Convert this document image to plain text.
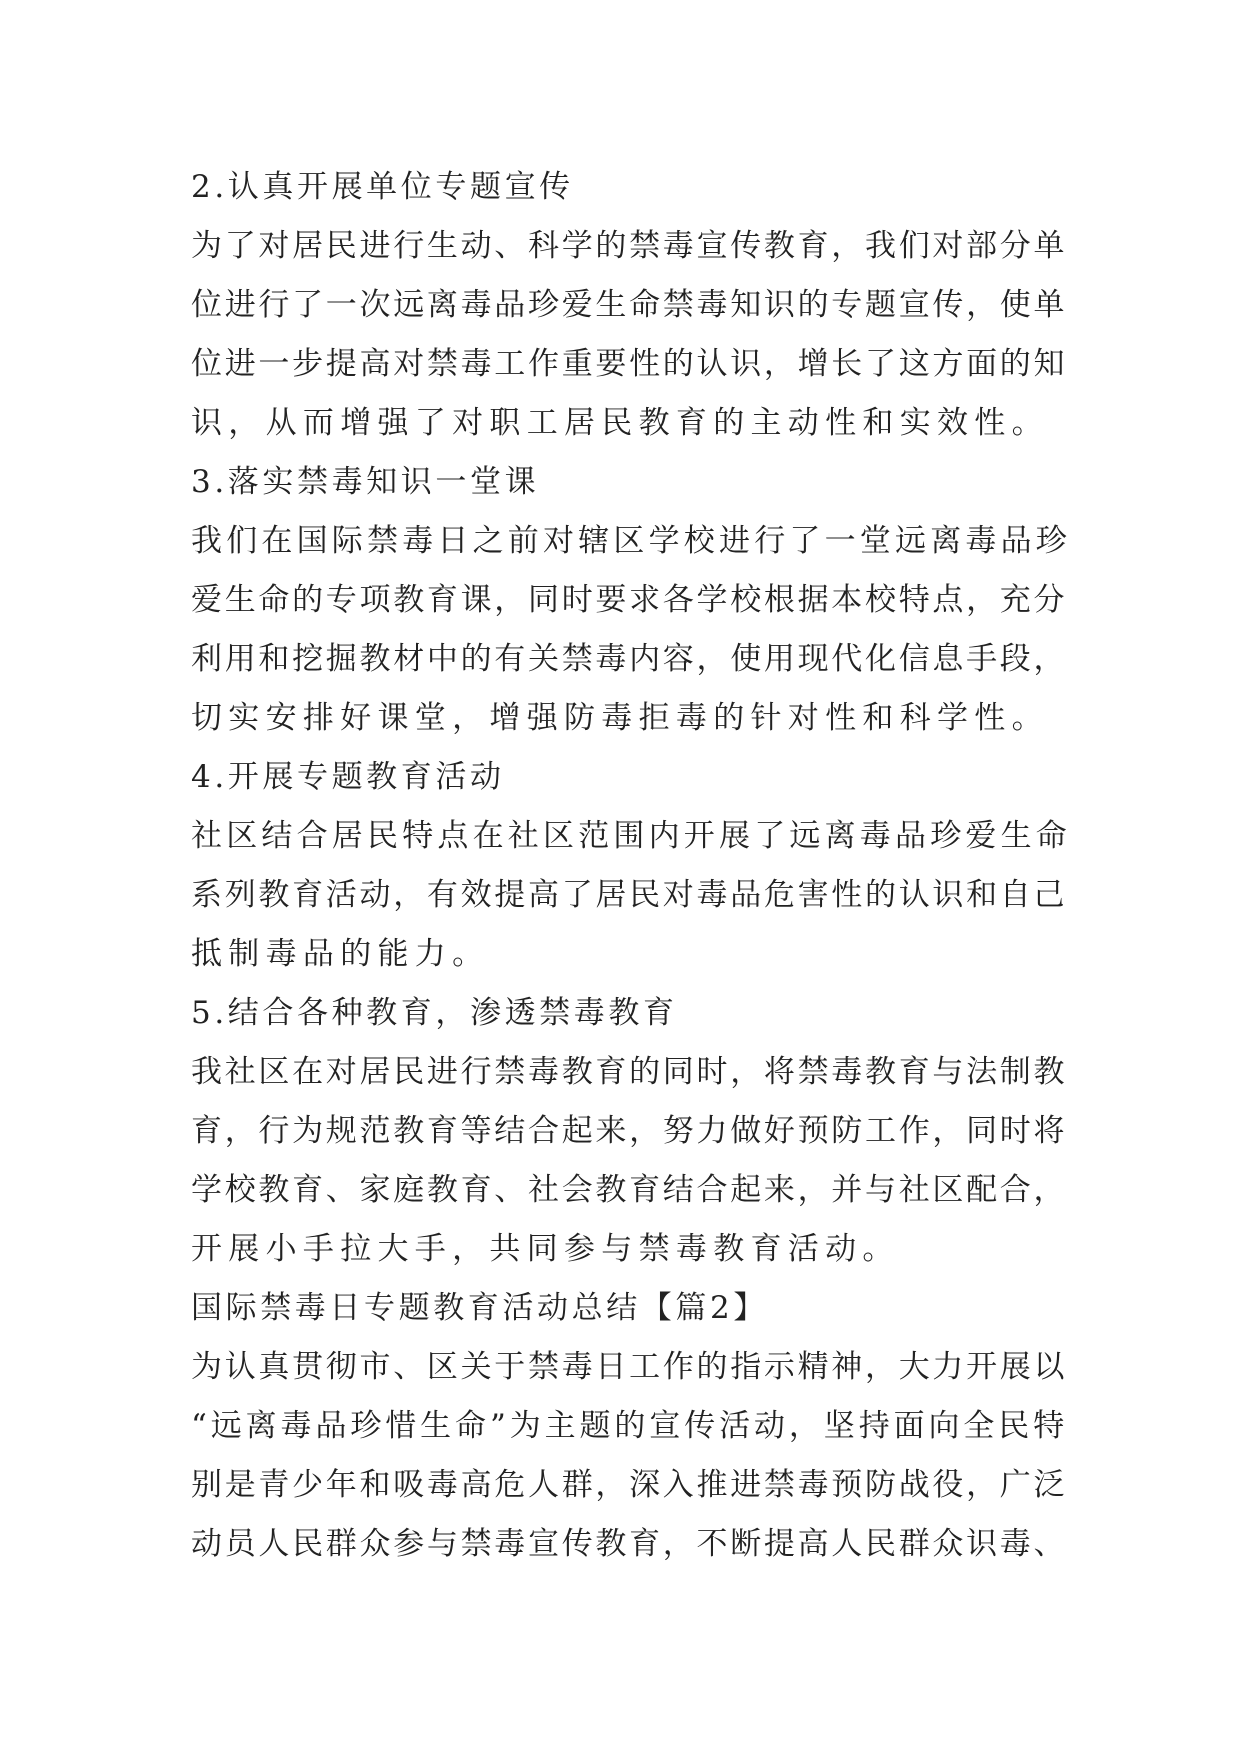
2.认真开展单位专题宣传
为了对居民进行生动、科学的禁毒宣传教育，我们对部分单
位进行了一次远离毒品珍爱生命禁毒知识的专题宣传，使单
位进一步提高对禁毒工作重要性的认识，增长了这方面的知
识，从而增强了对职工居民教育的主动性和实效性。
3.落实禁毒知识一堂课
我们在国际禁毒日之前对辖区学校进行了一堂远离毒品珍
爱生命的专项教育课，同时要求各学校根据本校特点，充分
利用和挖掘教材中的有关禁毒内容，使用现代化信息手段，
切实安排好课堂，增强防毒拒毒的针对性和科学性。
4.开展专题教育活动
社区结合居民特点在社区范围内开展了远离毒品珍爱生命
系列教育活动，有效提高了居民对毒品危害性的认识和自己
抵制毒品的能力。
5.结合各种教育，渗透禁毒教育
我社区在对居民进行禁毒教育的同时，将禁毒教育与法制教
育，行为规范教育等结合起来，努力做好预防工作，同时将
学校教育、家庭教育、社会教育结合起来，并与社区配合，
开展小手拉大手，共同参与禁毒教育活动。
国际禁毒日专题教育活动总结【篇2】
为认真贯彻市、区关于禁毒日工作的指示精神，大力开展以
“远离毒品珍惜生命”为主题的宣传活动，坚持面向全民特
别是青少年和吸毒高危人群，深入推进禁毒预防战役，广泛
动员人民群众参与禁毒宣传教育，不断提高人民群众识毒、
